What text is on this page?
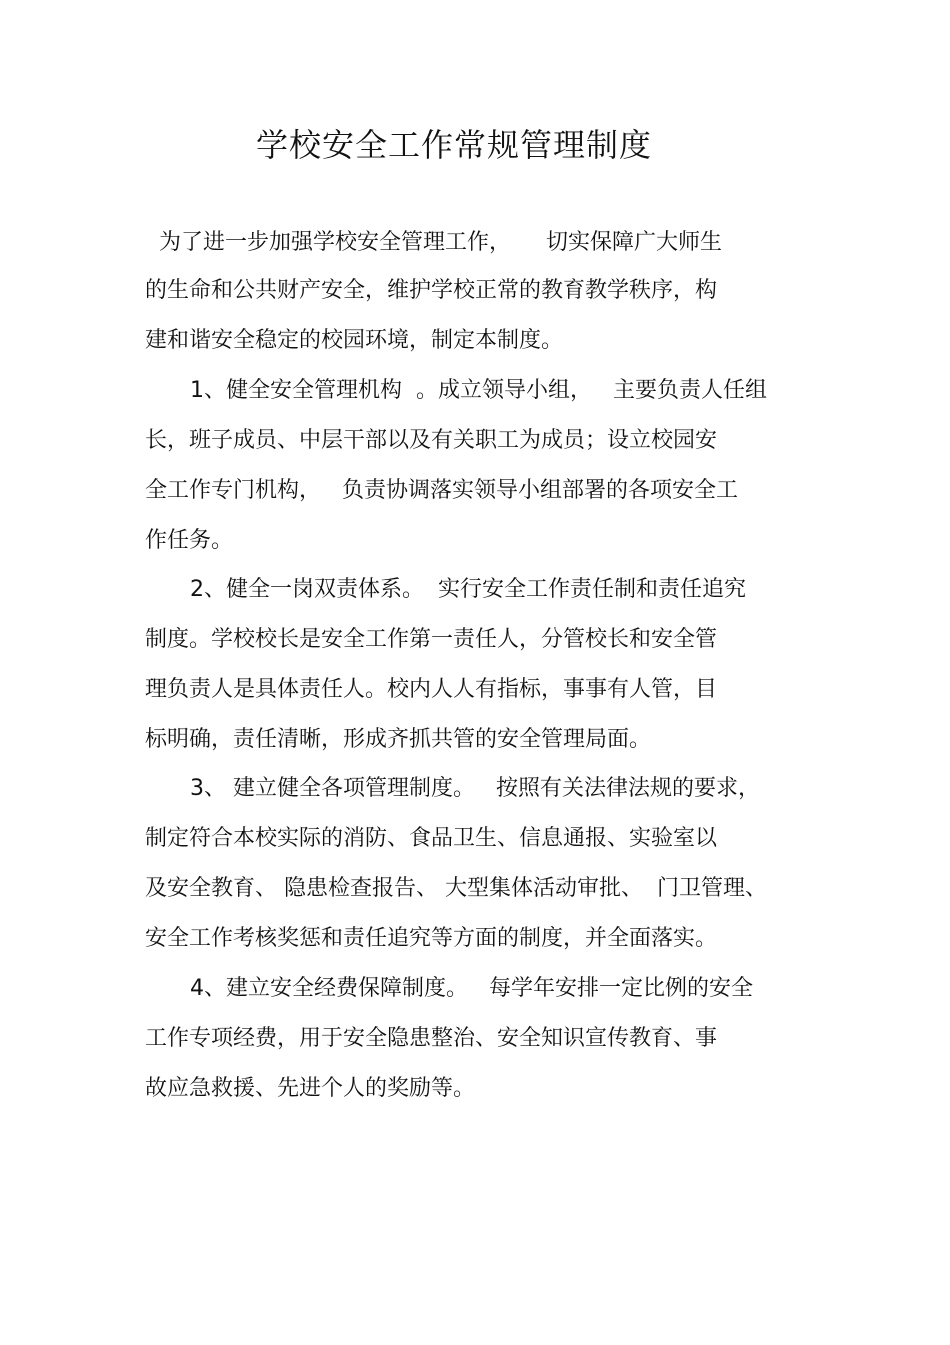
学校安全工作常规管理制度

为了进一步加强学校安全管理工作，     切实保障广大师生

的生命和公共财产安全，维护学校正常的教育教学秩序，构

建和谐安全稳定的校园环境，制定本制度。

1、健全安全管理机构  。成立领导小组，   主要负责人任组

长，班子成员、中层干部以及有关职工为成员；设立校园安

全工作专门机构，   负责协调落实领导小组部署的各项安全工

作任务。

2、健全一岗双责体系。  实行安全工作责任制和责任追究

制度。学校校长是安全工作第一责任人，分管校长和安全管

理负责人是具体责任人。校内人人有指标，事事有人管，目

标明确，责任清晰，形成齐抓共管的安全管理局面。

3、 建立健全各项管理制度。   按照有关法律法规的要求，

制定符合本校实际的消防、食品卫生、信息通报、实验室以

及安全教育、 隐患检查报告、 大型集体活动审批、  门卫管理、

安全工作考核奖惩和责任追究等方面的制度，并全面落实。

4、建立安全经费保障制度。   每学年安排一定比例的安全

工作专项经费，用于安全隐患整治、安全知识宣传教育、事

故应急救援、先进个人的奖励等。
